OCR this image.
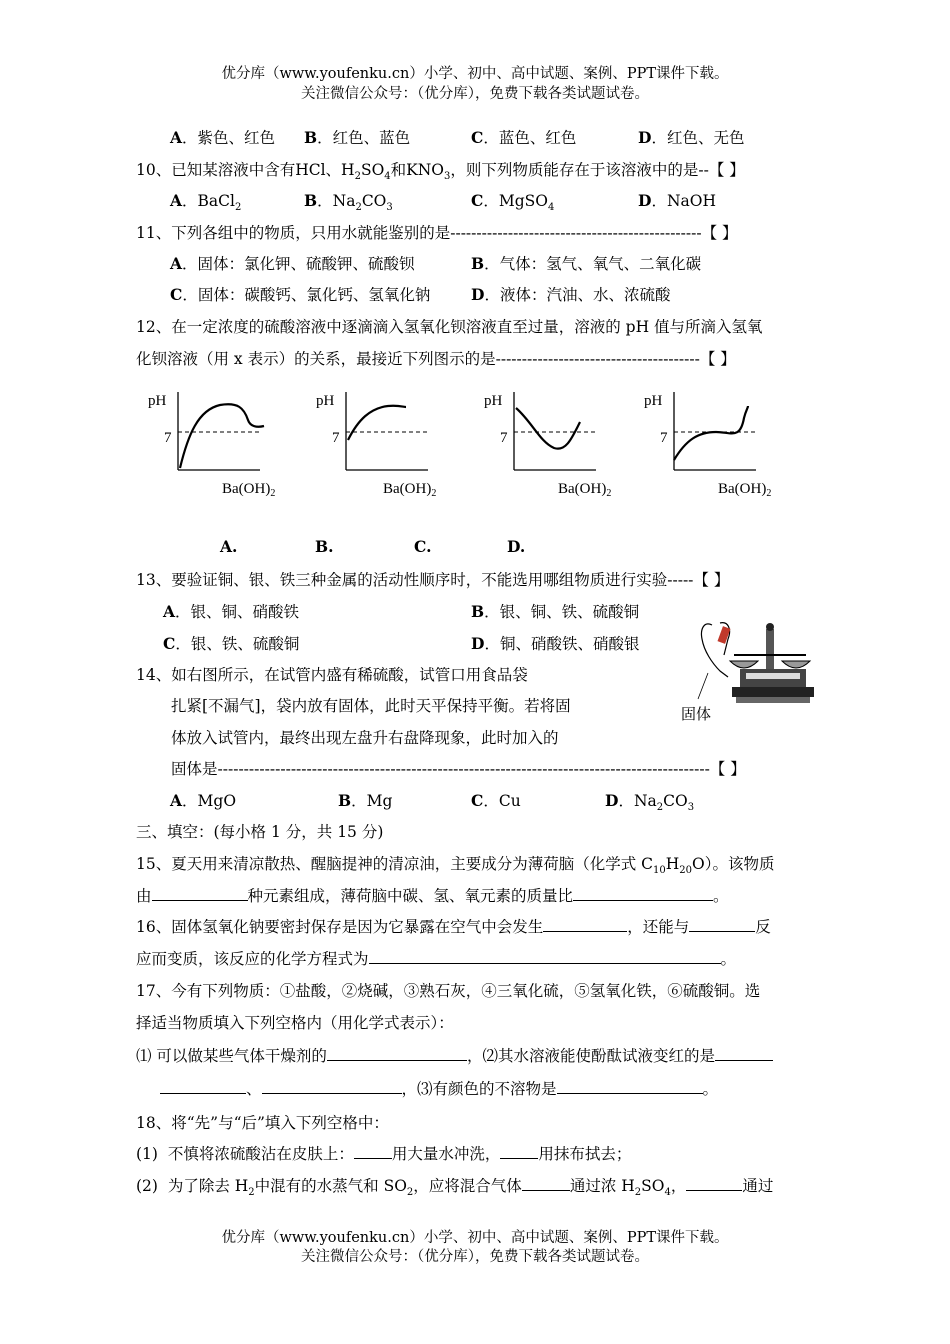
优分库（www.youfenku.cn）小学、初中、高中试题、案例、PPT课件下载。
关注微信公众号：（优分库），免费下载各类试题试卷。
A．紫色、红色 B．红色、蓝色	C．蓝色、红色	D．红色、无色
10、已知某溶液中含有HCl、$H_2SO_4$和$KNO_3$，则下列物质能存在于该溶液中的是--【 】
A．BaCl$_2$	B．$Na_2CO_3$	C．MgSO$_4$	D．NaOH
11、下列各组中的物质，只用水就能鉴别的是------------------------------------------------【 】
A．固体：氯化钾、硫酸钾、硫酸钡	B．气体：氢气、氧气、二氧化碳
C．固体：碳酸钙、氯化钙、氢氧化钠	D．液体：汽油、水、浓硫酸
12、在一定浓度的硫酸溶液中逐滴滴入氢氧化钡溶液直至过量，溶液的 pH 值与所滴入氢氧
化钡溶液（用 x 表示）的关系，最接近下列图示的是---------------------------------------【 】
pH
7
$Ba(OH)_2$
pH
7
$Ba(OH)_2$
pH
7
$Ba(OH)_2$
pH
7
$Ba(OH)_2$
A.	B.	C.	D.
13、要验证铜、银、铁三种金属的活动性顺序时，不能选用哪组物质进行实验-----【 】
A．银、铜、硝酸铁	B．银、铜、铁、硫酸铜
C．银、铁、硫酸铜	D．铜、硝酸铁、硝酸银
固体
14、如右图所示，在试管内盛有稀硫酸，试管口用食品袋
扎紧[不漏气]，袋内放有固体，此时天平保持平衡。若将固
体放入试管内，最终出现左盘升右盘降现象，此时加入的
固体是----------------------------------------------------------------------------------------------【 】
A．MgO	B．Mg	C．Cu	D．$Na_2CO_3$
三、填空：(每小格 1 分，共 15 分)
15、夏天用来清凉散热、醒脑提神的清凉油，主要成分为薄荷脑（化学式 $C_{10}H_{20}O$）。该物质
由	种元素组成，薄荷脑中碳、氢、氧元素的质量比	。
16、固体氢氧化钠要密封保存是因为它暴露在空气中会发生	，还能与	反
应而变质，该反应的化学方程式为	。
17、今有下列物质：①盐酸，②烧碱，③熟石灰，④三氧化硫，⑤氢氧化铁，⑥硫酸铜。选
择适当物质填入下列空格内（用化学式表示）：
⑴ 可以做某些气体干燥剂的	，⑵其水溶液能使酚酞试液变红的是
、	，⑶有颜色的不溶物是	。
18、将“先”与“后”填入下列空格中：
(1) 不慎将浓硫酸沾在皮肤上： 用大量水冲洗， 用抹布拭去；
(2) 为了除去 $H_2$中混有的水蒸气和 $SO_2$，应将混合气体	通过浓 $H_2SO_4$，	通过
优分库（www.youfenku.cn）小学、初中、高中试题、案例、PPT课件下载。
关注微信公众号：（优分库），免费下载各类试题试卷。
